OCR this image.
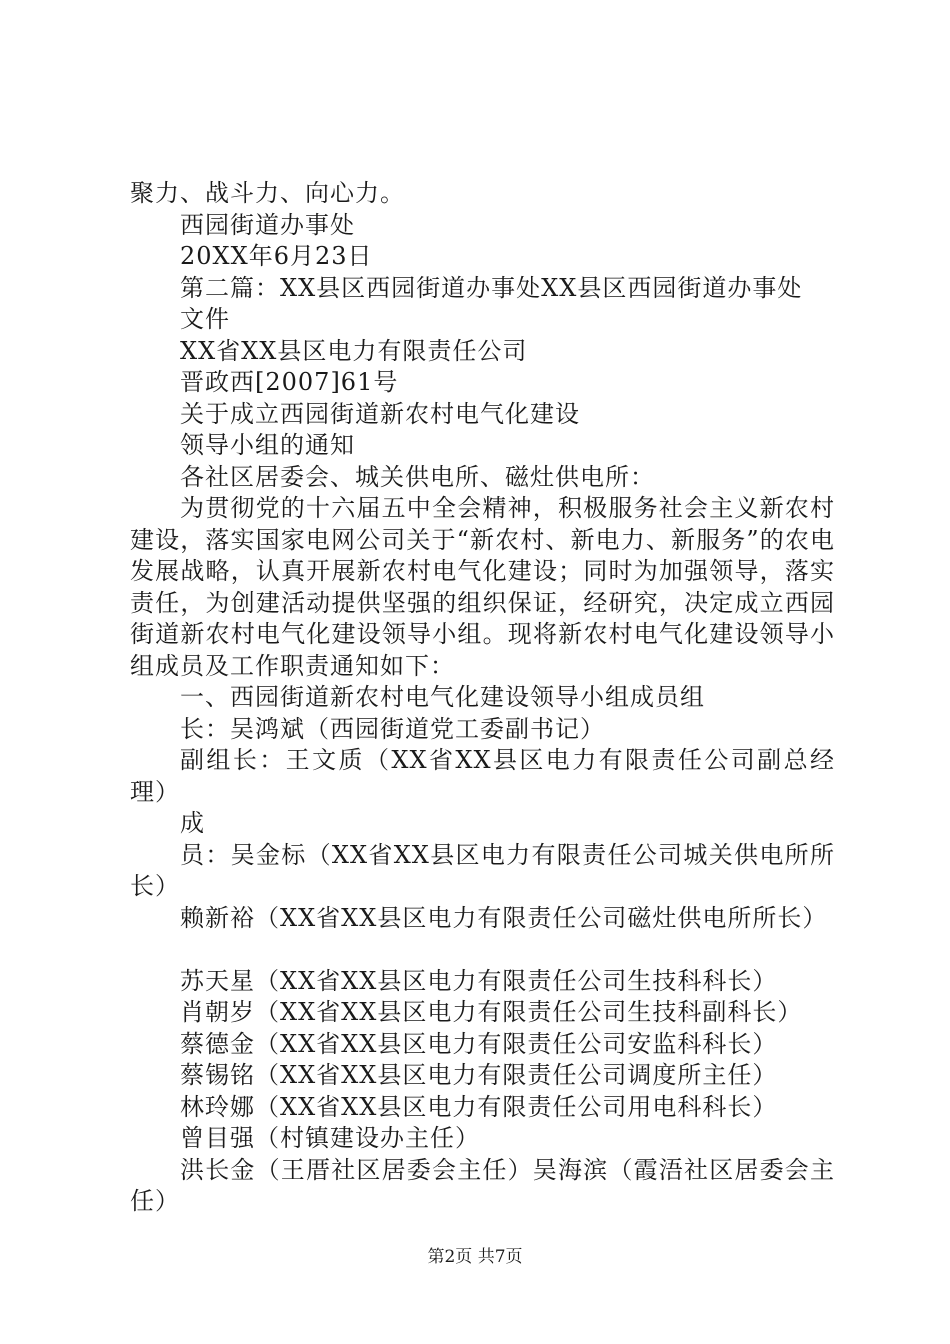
聚力、战斗力、向心力。

西园街道办事处

20XX年6月23日

第二篇：XX县区西园街道办事处XX县区西园街道办事处

文件

XX省XX县区电力有限责任公司

晋政西[2007]61号

关于成立西园街道新农村电气化建设

领导小组的通知

各社区居委会、城关供电所、磁灶供电所：

为贯彻党的十六届五中全会精神，积极服务社会主义新农村建设，落实国家电网公司关于“新农村、新电力、新服务”的农电发展战略，认真开展新农村电气化建设；同时为加强领导，落实责任，为创建活动提供坚强的组织保证，经研究，决定成立西园街道新农村电气化建设领导小组。现将新农村电气化建设领导小组成员及工作职责通知如下：

一、西园街道新农村电气化建设领导小组成员组

长：吴鸿斌（西园街道党工委副书记）

副组长：王文质（XX省XX县区电力有限责任公司副总经理）

成

员：吴金标（XX省XX县区电力有限责任公司城关供电所所长）

赖新裕（XX省XX县区电力有限责任公司磁灶供电所所长）

苏天星（XX省XX县区电力有限责任公司生技科科长）

肖朝岁（XX省XX县区电力有限责任公司生技科副科长）

蔡德金（XX省XX县区电力有限责任公司安监科科长）

蔡锡铭（XX省XX县区电力有限责任公司调度所主任）

林玲娜（XX省XX县区电力有限责任公司用电科科长）

曾目强（村镇建设办主任）

洪长金（王厝社区居委会主任）吴海滨（霞浯社区居委会主任）

第2页 共7页
